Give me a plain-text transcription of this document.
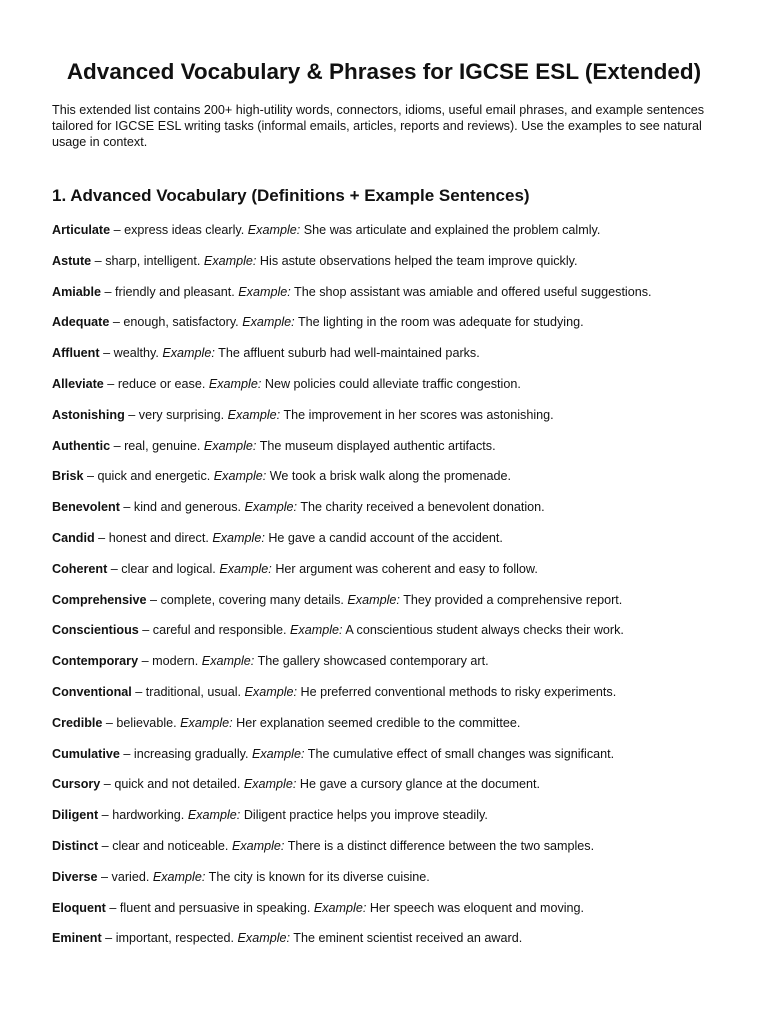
Advanced Vocabulary & Phrases for IGCSE ESL (Extended)

This extended list contains 200+ high-utility words, connectors, idioms, useful email phrases, and example sentences tailored for IGCSE ESL writing tasks (informal emails, articles, reports and reviews). Use the examples to see natural usage in context.

1. Advanced Vocabulary (Definitions + Example Sentences)
Articulate – express ideas clearly. Example: She was articulate and explained the problem calmly.
Astute – sharp, intelligent. Example: His astute observations helped the team improve quickly.
Amiable – friendly and pleasant. Example: The shop assistant was amiable and offered useful suggestions.
Adequate – enough, satisfactory. Example: The lighting in the room was adequate for studying.
Affluent – wealthy. Example: The affluent suburb had well-maintained parks.
Alleviate – reduce or ease. Example: New policies could alleviate traffic congestion.
Astonishing – very surprising. Example: The improvement in her scores was astonishing.
Authentic – real, genuine. Example: The museum displayed authentic artifacts.
Brisk – quick and energetic. Example: We took a brisk walk along the promenade.
Benevolent – kind and generous. Example: The charity received a benevolent donation.
Candid – honest and direct. Example: He gave a candid account of the accident.
Coherent – clear and logical. Example: Her argument was coherent and easy to follow.
Comprehensive – complete, covering many details. Example: They provided a comprehensive report.
Conscientious – careful and responsible. Example: A conscientious student always checks their work.
Contemporary – modern. Example: The gallery showcased contemporary art.
Conventional – traditional, usual. Example: He preferred conventional methods to risky experiments.
Credible – believable. Example: Her explanation seemed credible to the committee.
Cumulative – increasing gradually. Example: The cumulative effect of small changes was significant.
Cursory – quick and not detailed. Example: He gave a cursory glance at the document.
Diligent – hardworking. Example: Diligent practice helps you improve steadily.
Distinct – clear and noticeable. Example: There is a distinct difference between the two samples.
Diverse – varied. Example: The city is known for its diverse cuisine.
Eloquent – fluent and persuasive in speaking. Example: Her speech was eloquent and moving.
Eminent – important, respected. Example: The eminent scientist received an award.
